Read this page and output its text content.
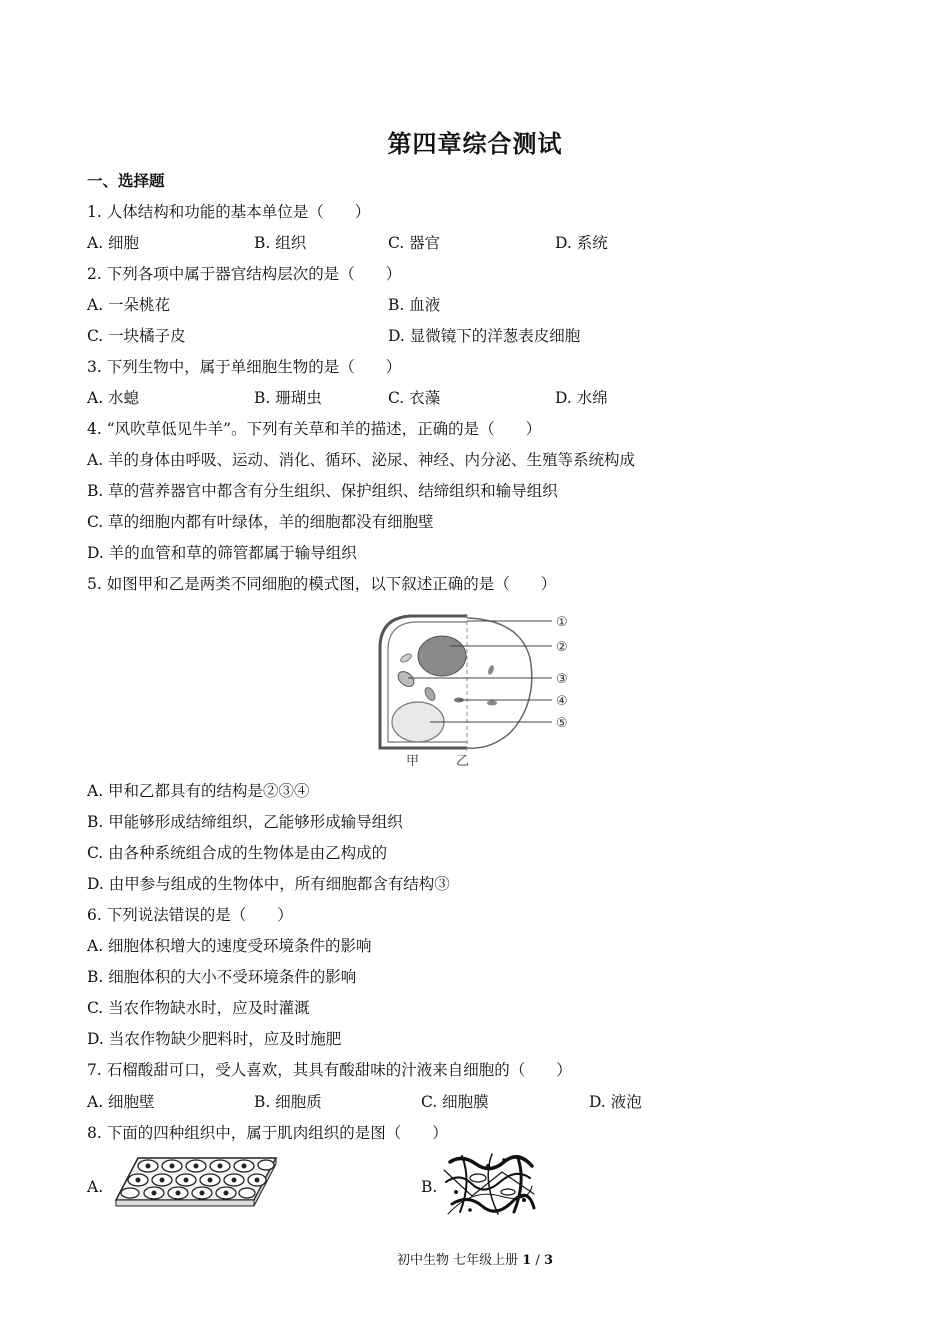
第四章综合测试
一、选择题
1. 人体结构和功能的基本单位是（　　）
A. 细胞	B. 组织	C. 器官	D. 系统
2. 下列各项中属于器官结构层次的是（　　）
A. 一朵桃花	B. 血液
C. 一块橘子皮	D. 显微镜下的洋葱表皮细胞
3. 下列生物中，属于单细胞生物的是（　　）
A. 水螅	B. 珊瑚虫	C. 衣藻	D. 水绵
4. “风吹草低见牛羊”。下列有关草和羊的描述，正确的是（　　）
A. 羊的身体由呼吸、运动、消化、循环、泌尿、神经、内分泌、生殖等系统构成
B. 草的营养器官中都含有分生组织、保护组织、结缔组织和输导组织
C. 草的细胞内都有叶绿体，羊的细胞都没有细胞壁
D. 羊的血管和草的筛管都属于输导组织
5. 如图甲和乙是两类不同细胞的模式图，以下叙述正确的是（　　）
①
②
③
④
⑤
甲	乙
A. 甲和乙都具有的结构是②③④
B. 甲能够形成结缔组织，乙能够形成输导组织
C. 由各种系统组合成的生物体是由乙构成的
D. 由甲参与组成的生物体中，所有细胞都含有结构③
6. 下列说法错误的是（　　）
A. 细胞体积增大的速度受环境条件的影响
B. 细胞体积的大小不受环境条件的影响
C. 当农作物缺水时，应及时灌溉
D. 当农作物缺少肥料时，应及时施肥
7. 石榴酸甜可口，受人喜欢，其具有酸甜味的汁液来自细胞的（　　）
A. 细胞壁	B. 细胞质	C. 细胞膜	D. 液泡
8. 下面的四种组织中，属于肌肉组织的是图（　　）
A.	B.
初中生物 七年级上册 1 / 3
